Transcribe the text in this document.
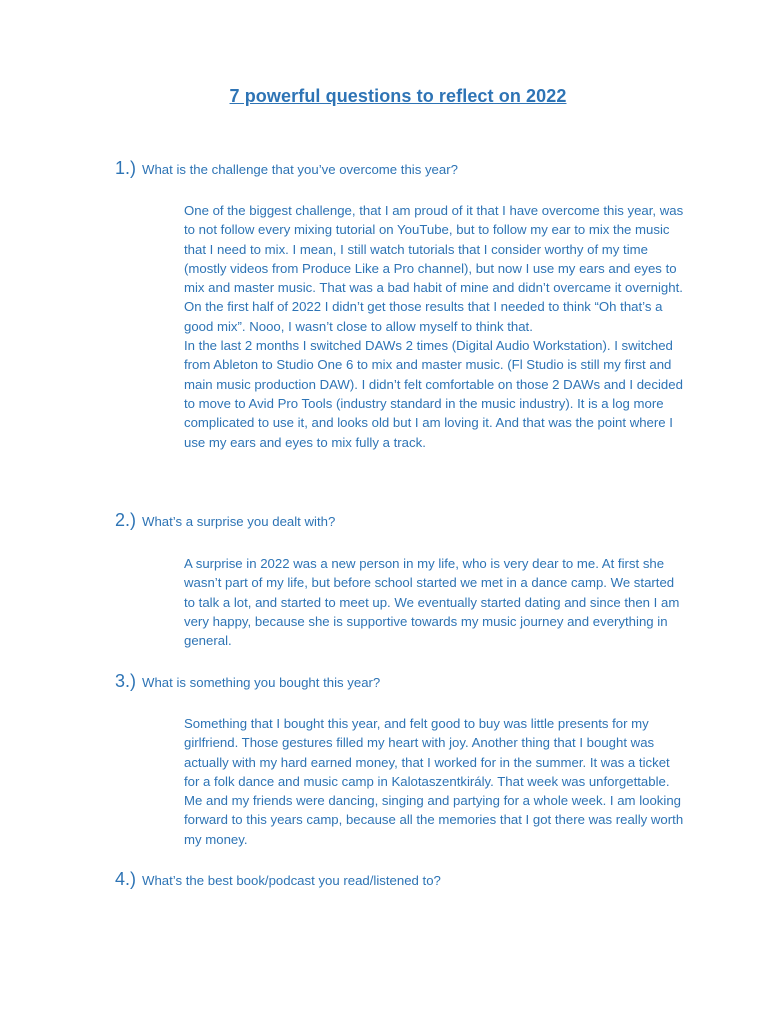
7 powerful questions to reflect on 2022
1.) What is the challenge that you’ve overcome this year?

One of the biggest challenge, that I am proud of it that I have overcome this year, was to not follow every mixing tutorial on YouTube, but to follow my ear to mix the music that I need to mix. I mean, I still watch tutorials that I consider worthy of my time (mostly videos from Produce Like a Pro channel), but now I use my ears and eyes to mix and master music. That was a bad habit of mine and didn’t overcame it overnight. On the first half of 2022 I didn’t get those results that I needed to think “Oh that’s a good mix”. Nooo, I wasn’t close to allow myself to think that.

In the last 2 months I switched DAWs 2 times (Digital Audio Workstation). I switched from Ableton to Studio One 6 to mix and master music. (Fl Studio is still my first and main music production DAW). I didn’t felt comfortable on those 2 DAWs and I decided to move to Avid Pro Tools (industry standard in the music industry). It is a log more complicated to use it, and looks old but I am loving it. And that was the point where I use my ears and eyes to mix fully a track.

2.) What’s a surprise you dealt with?

A surprise in 2022 was a new person in my life, who is very dear to me. At first she wasn’t part of my life, but before school started we met in a dance camp. We started to talk a lot, and started to meet up. We eventually started dating and since then I am very happy, because she is supportive towards my music journey and everything in general.

3.) What is something you bought this year?

Something that I bought this year, and felt good to buy was little presents for my girlfriend. Those gestures filled my heart with joy. Another thing that I bought was actually with my hard earned money, that I worked for in the summer. It was a ticket for a folk dance and music camp in Kalotaszentkirály. That week was unforgettable. Me and my friends were dancing, singing and partying for a whole week. I am looking forward to this years camp, because all the memories that I got there was really worth my money.

4.) What’s the best book/podcast you read/listened to?
